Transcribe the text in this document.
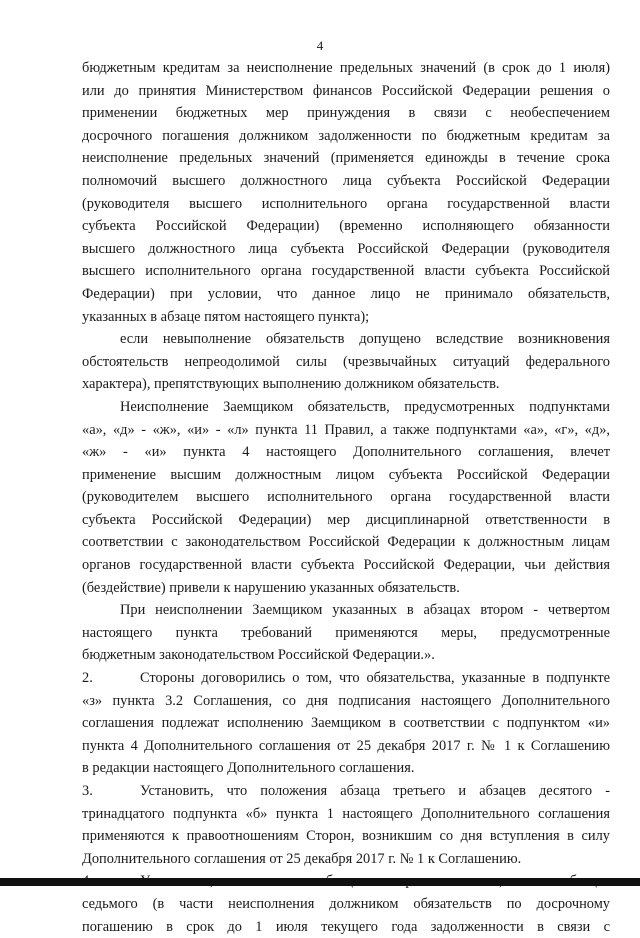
4
бюджетным кредитам за неисполнение предельных значений (в срок до 1 июля)
или до принятия Министерством финансов Российской Федерации решения о
применении бюджетных мер принуждения в связи с необеспечением
досрочного погашения должником задолженности по бюджетным кредитам за
неисполнение предельных значений (применяется единожды в течение срока
полномочий высшего должностного лица субъекта Российской Федерации
(руководителя высшего исполнительного органа государственной власти
субъекта Российской Федерации) (временно исполняющего обязанности
высшего должностного лица субъекта Российской Федерации (руководителя
высшего исполнительного органа государственной власти субъекта Российской
Федерации) при условии, что данное лицо не принимало обязательств,
указанных в абзаце пятом настоящего пункта);
если невыполнение обязательств допущено вследствие возникновения
обстоятельств непреодолимой силы (чрезвычайных ситуаций федерального
характера), препятствующих выполнению должником обязательств.
Неисполнение Заемщиком обязательств, предусмотренных подпунктами
«а», «д» - «ж», «и» - «л» пункта 11 Правил, а также подпунктами «а», «г», «д»,
«ж» - «и» пункта 4 настоящего Дополнительного соглашения, влечет
применение высшим должностным лицом субъекта Российской Федерации
(руководителем высшего исполнительного органа государственной власти
субъекта Российской Федерации) мер дисциплинарной ответственности в
соответствии с законодательством Российской Федерации к должностным лицам
органов государственной власти субъекта Российской Федерации, чьи действия
(бездействие) привели к нарушению указанных обязательств.
При неисполнении Заемщиком указанных в абзацах втором - четвертом
настоящего пункта требований применяются меры, предусмотренные
бюджетным законодательством Российской Федерации.».
2.	Стороны договорились о том, что обязательства, указанные в подпункте
«з» пункта 3.2 Соглашения, со дня подписания настоящего Дополнительного
соглашения подлежат исполнению Заемщиком в соответствии с подпунктом «и»
пункта 4 Дополнительного соглашения от 25 декабря 2017 г. № 1 к Соглашению
в редакции настоящего Дополнительного соглашения.
3.	Установить, что положения абзаца третьего и абзацев десятого -
тринадцатого подпункта «б» пункта 1 настоящего Дополнительного соглашения
применяются к правоотношениям Сторон, возникшим со дня вступления в силу
Дополнительного соглашения от 25 декабря 2017 г. № 1 к Соглашению.
седьмого (в части неисполнения должником обязательств по досрочному
погашению в срок до 1 июля текущего года задолженности в связи с
